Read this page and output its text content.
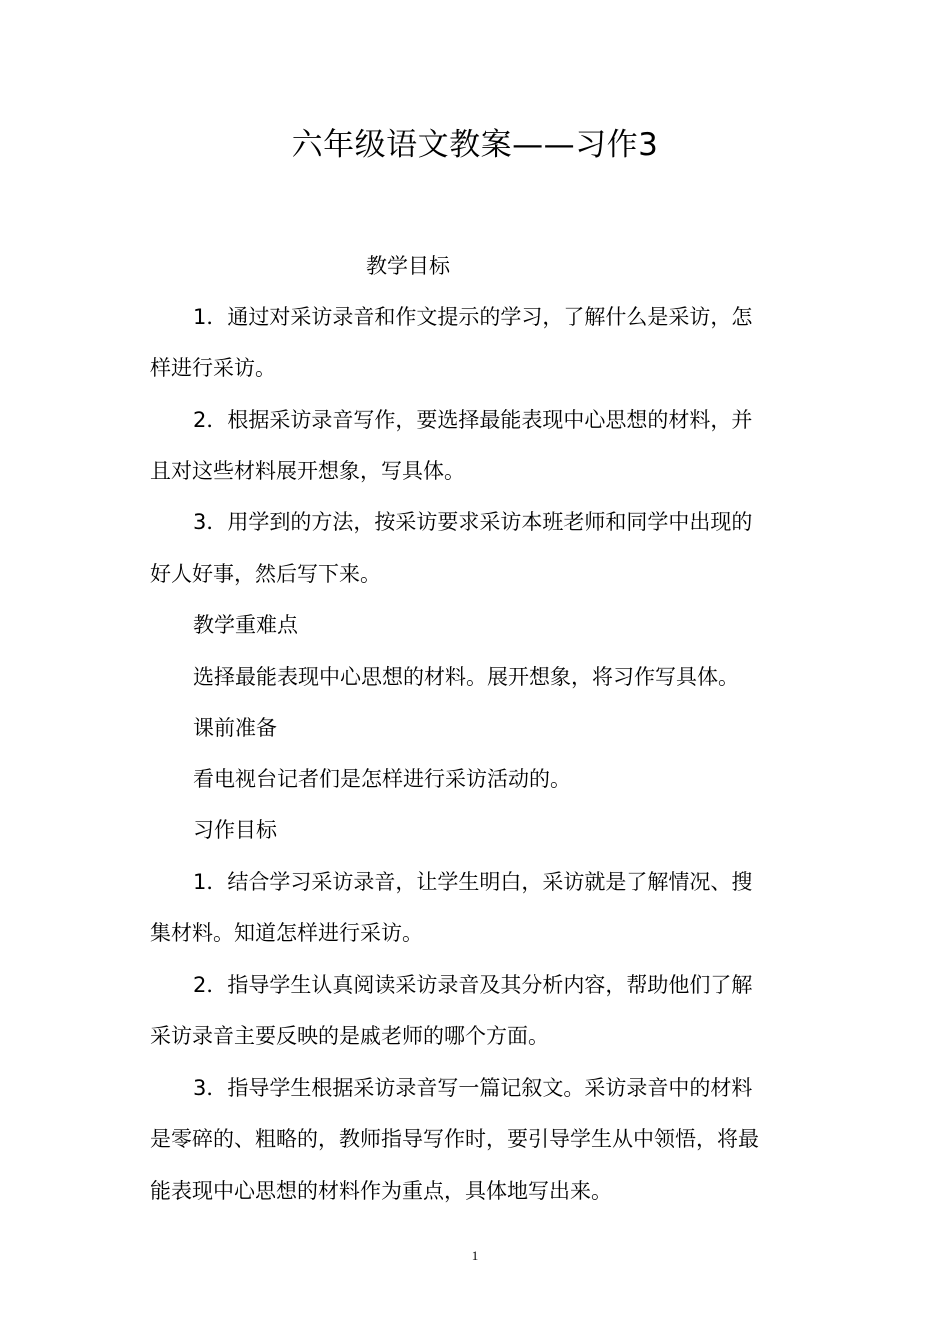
六年级语文教案——习作3
教学目标
1．通过对采访录音和作文提示的学习，了解什么是采访，怎
样进行采访。
2．根据采访录音写作，要选择最能表现中心思想的材料，并
且对这些材料展开想象，写具体。
3．用学到的方法，按采访要求采访本班老师和同学中出现的
好人好事，然后写下来。
教学重难点
选择最能表现中心思想的材料。展开想象，将习作写具体。
课前准备
看电视台记者们是怎样进行采访活动的。
习作目标
1．结合学习采访录音，让学生明白，采访就是了解情况、搜
集材料。知道怎样进行采访。
2．指导学生认真阅读采访录音及其分析内容，帮助他们了解
采访录音主要反映的是戚老师的哪个方面。
3．指导学生根据采访录音写一篇记叙文。采访录音中的材料
是零碎的、粗略的，教师指导写作时，要引导学生从中领悟，将最
能表现中心思想的材料作为重点，具体地写出来。
1
